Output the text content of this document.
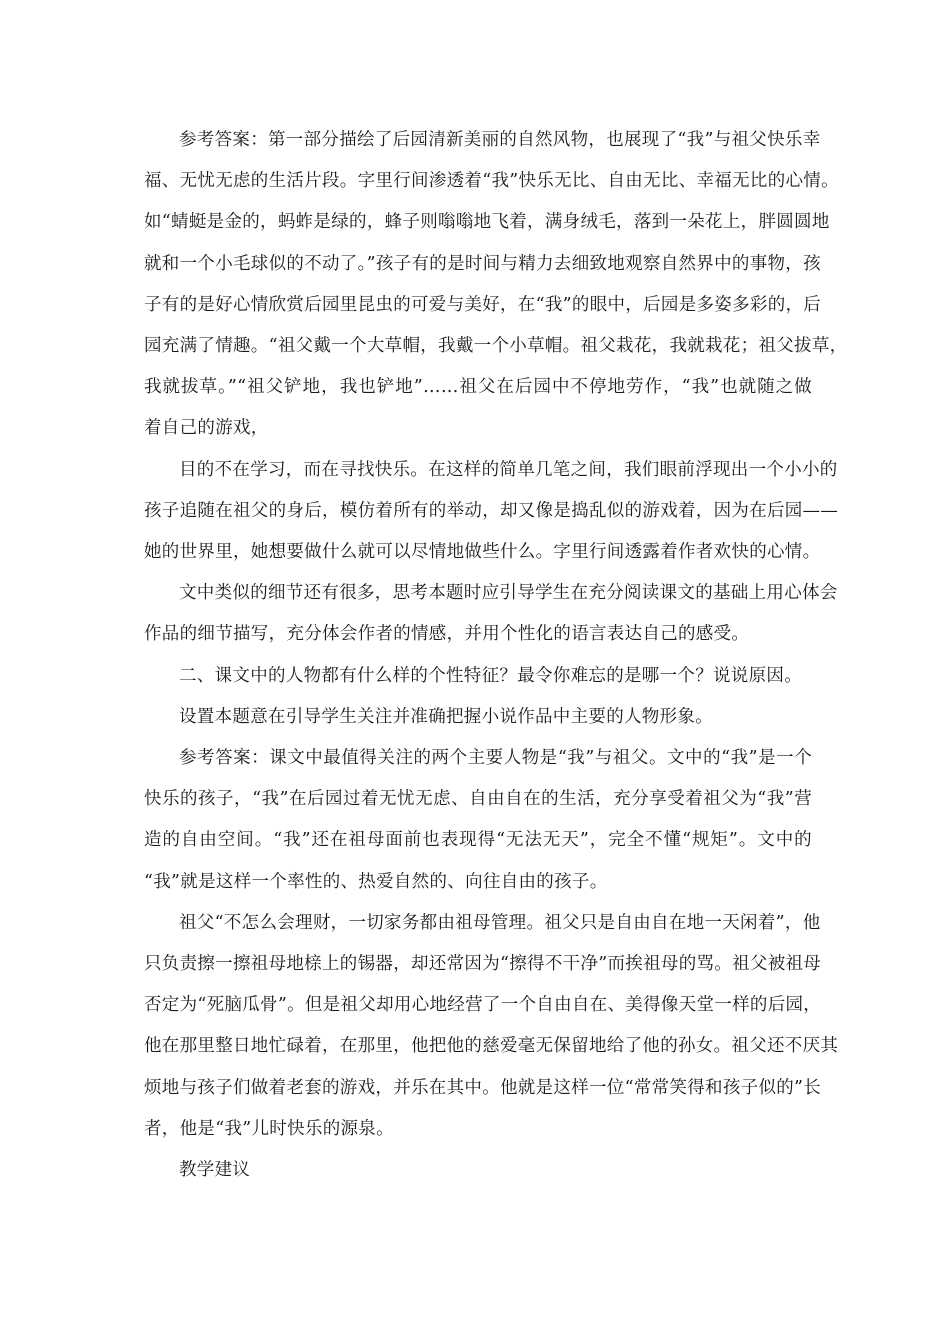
参考答案：第一部分描绘了后园清新美丽的自然风物，也展现了“我”与祖父快乐幸
福、无忧无虑的生活片段。字里行间渗透着“我”快乐无比、自由无比、幸福无比的心情。
如“蜻蜓是金的，蚂蚱是绿的，蜂子则嗡嗡地飞着，满身绒毛，落到一朵花上，胖圆圆地
就和一个小毛球似的不动了。”孩子有的是时间与精力去细致地观察自然界中的事物，孩
子有的是好心情欣赏后园里昆虫的可爱与美好，在“我”的眼中，后园是多姿多彩的，后
园充满了情趣。“祖父戴一个大草帽，我戴一个小草帽。祖父栽花，我就栽花；祖父拔草，
我就拔草。”“祖父铲地，我也铲地”……祖父在后园中不停地劳作，“我”也就随之做
着自己的游戏，
目的不在学习，而在寻找快乐。在这样的简单几笔之间，我们眼前浮现出一个小小的
孩子追随在祖父的身后，模仿着所有的举动，却又像是捣乱似的游戏着，因为在后园——
她的世界里，她想要做什么就可以尽情地做些什么。字里行间透露着作者欢快的心情。
文中类似的细节还有很多，思考本题时应引导学生在充分阅读课文的基础上用心体会
作品的细节描写，充分体会作者的情感，并用个性化的语言表达自己的感受。
二、课文中的人物都有什么样的个性特征？最令你难忘的是哪一个？说说原因。
设置本题意在引导学生关注并准确把握小说作品中主要的人物形象。
参考答案：课文中最值得关注的两个主要人物是“我”与祖父。文中的“我”是一个
快乐的孩子，“我”在后园过着无忧无虑、自由自在的生活，充分享受着祖父为“我”营
造的自由空间。“我”还在祖母面前也表现得“无法无天”，完全不懂“规矩”。文中的
“我”就是这样一个率性的、热爱自然的、向往自由的孩子。
祖父“不怎么会理财，一切家务都由祖母管理。祖父只是自由自在地一天闲着”，他
只负责擦一擦祖母地榇上的锡器，却还常因为“擦得不干净”而挨祖母的骂。祖父被祖母
否定为“死脑瓜骨”。但是祖父却用心地经营了一个自由自在、美得像天堂一样的后园，
他在那里整日地忙碌着，在那里，他把他的慈爱毫无保留地给了他的孙女。祖父还不厌其
烦地与孩子们做着老套的游戏，并乐在其中。他就是这样一位“常常笑得和孩子似的”长
者，他是“我”儿时快乐的源泉。
教学建议
